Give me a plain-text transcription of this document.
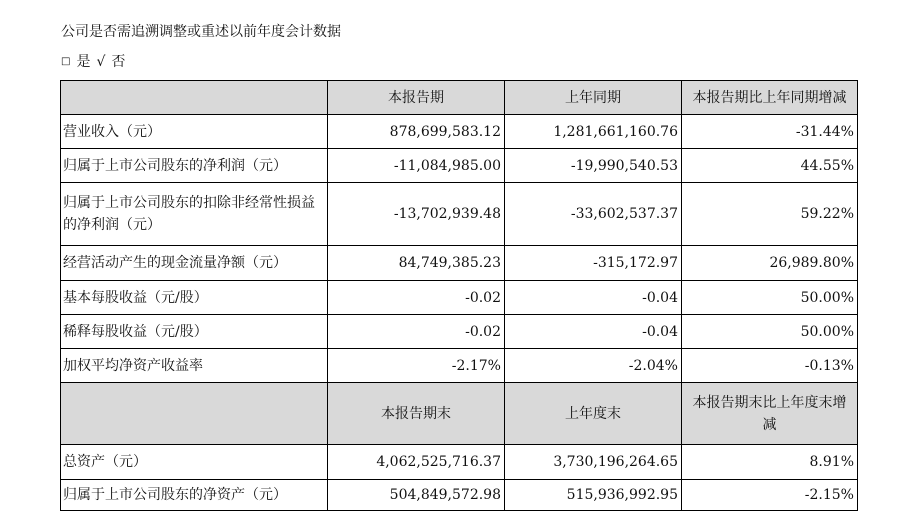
公司是否需追溯调整或重述以前年度会计数据
□ 是 √ 否
	本报告期	上年同期	本报告期比上年同期增减
营业收入（元）	878,699,583.12	1,281,661,160.76	-31.44%
归属于上市公司股东的净利润（元）	-11,084,985.00	-19,990,540.53	44.55%
归属于上市公司股东的扣除非经常性损益的净利润（元）	-13,702,939.48	-33,602,537.37	59.22%
经营活动产生的现金流量净额（元）	84,749,385.23	-315,172.97	26,989.80%
基本每股收益（元/股）	-0.02	-0.04	50.00%
稀释每股收益（元/股）	-0.02	-0.04	50.00%
加权平均净资产收益率	-2.17%	-2.04%	-0.13%
	本报告期末	上年度末	本报告期末比上年度末增减
总资产（元）	4,062,525,716.37	3,730,196,264.65	8.91%
归属于上市公司股东的净资产（元）	504,849,572.98	515,936,992.95	-2.15%
